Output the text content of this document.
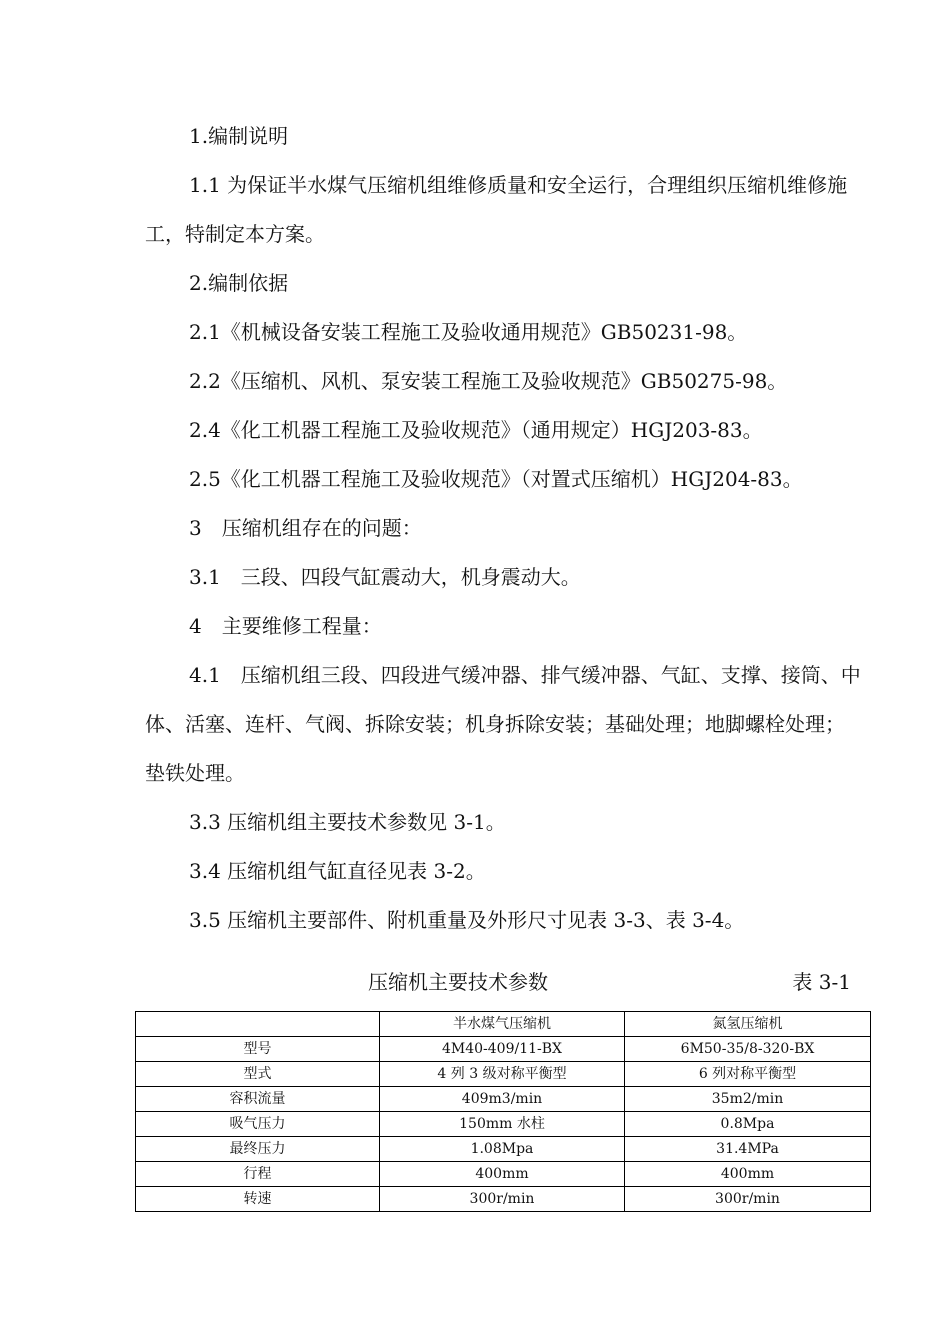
1.编制说明

1.1 为保证半水煤气压缩机组维修质量和安全运行，合理组织压缩机维修施工，特制定本方案。

2.编制依据

2.1《机械设备安装工程施工及验收通用规范》GB50231-98。

2.2《压缩机、风机、泵安装工程施工及验收规范》GB50275-98。

2.4《化工机器工程施工及验收规范》（通用规定）HGJ203-83。

2.5《化工机器工程施工及验收规范》（对置式压缩机）HGJ204-83。

3　压缩机组存在的问题：

3.1　三段、四段气缸震动大，机身震动大。

4　主要维修工程量：

4.1　压缩机组三段、四段进气缓冲器、排气缓冲器、气缸、支撑、接筒、中体、活塞、连杆、气阀、拆除安装；机身拆除安装；基础处理；地脚螺栓处理；垫铁处理。

3.3 压缩机组主要技术参数见 3-1。

3.4 压缩机组气缸直径见表 3-2。

3.5 压缩机主要部件、附机重量及外形尺寸见表 3-3、表 3-4。

压缩机主要技术参数	表 3-1
	半水煤气压缩机	氮氢压缩机
型号	4M40-409/11-BX	6M50-35/8-320-BX
型式	4 列 3 级对称平衡型	6 列对称平衡型
容积流量	409m3/min	35m2/min
吸气压力	150mm 水柱	0.8Mpa
最终压力	1.08Mpa	31.4MPa
行程	400mm	400mm
转速	300r/min	300r/min
